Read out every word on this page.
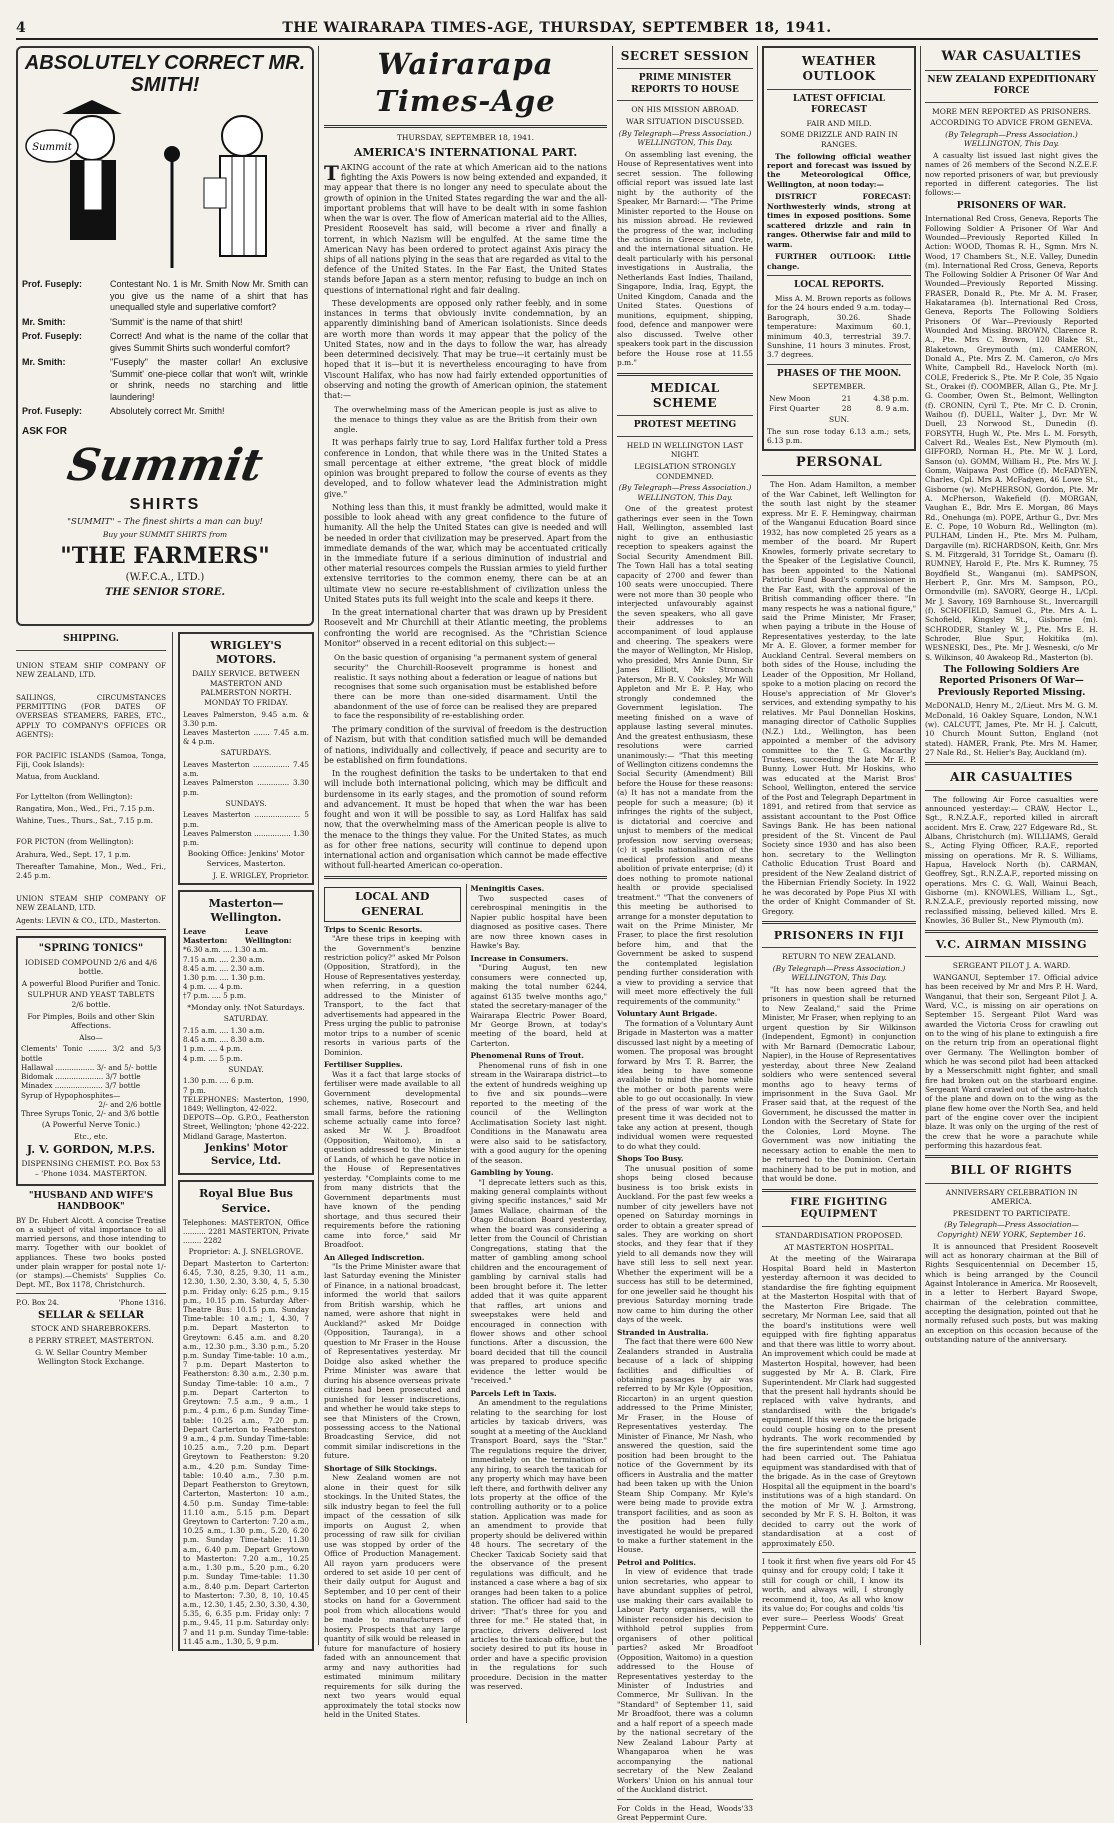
4	THE WAIRARAPA TIMES-AGE, THURSDAY, SEPTEMBER 18, 1941.
ABSOLUTELY CORRECT MR. SMITH!
Summit
Prof. Fuseply:	Contestant No. 1 is Mr. Smith Now Mr. Smith can you give us the name of a shirt that has unequalled style and superlative comfort?
Mr. Smith:	'Summit' is the name of that shirt!
Prof. Fuseply:	Correct! And what is the name of the collar that gives Summit Shirts such wonderful comfort?
Mr. Smith:	"Fuseply" the master collar! An exclusive 'Summit' one-piece collar that won't wilt, wrinkle or shrink, needs no starching and little laundering!
Prof. Fuseply:	Absolutely correct Mr. Smith!
ASK FOR
Summit
SHIRTS
"SUMMIT" – The finest shirts a man can buy!
Buy your SUMMIT SHIRTS from
"THE FARMERS"
(W.F.C.A., LTD.)
THE SENIOR STORE.
SHIPPING.
UNION STEAM SHIP COMPANY OF NEW ZEALAND, LTD.
SAILINGS, CIRCUMSTANCES PERMITTING (FOR DATES OF OVERSEAS STEAMERS, FARES, ETC., APPLY TO COMPANY'S OFFICES OR AGENTS):
FOR PACIFIC ISLANDS (Samoa, Tonga, Fiji, Cook Islands):
Matua, from Auckland.
For Lyttelton (from Wellington):
Rangatira, Mon., Wed., Fri., 7.15 p.m.
Wahine, Tues., Thurs., Sat., 7.15 p.m.
FOR PICTON (from Wellington):
Arahura, Wed., Sept. 17, 1 p.m.
Thereafter Tamahine, Mon., Wed., Fri., 2.45 p.m.
UNION STEAM SHIP COMPANY OF NEW ZEALAND, LTD.
Agents: LEVIN & CO., LTD., Masterton.
"SPRING TONICS"
IODISED COMPOUND 2/6 and 4/6 bottle.
A powerful Blood Purifier and Tonic.
SULPHUR AND YEAST TABLETS 2/6 bottle.
For Pimples, Boils and other Skin Affections.
Also—
Clements' Tonic ........ 3/2 and 5/3 bottle
Hallawal ................. 3/- and 5/- bottle
Bidomak ..................... 3/7 bottle
Minadex ..................... 3/7 bottle
Syrup of Hypophosphites—
2/- and 2/6 bottle
Three Syrups Tonic, 2/- and 3/6 bottle
(A Powerful Nerve Tonic.)
Etc., etc.
J. V. GORDON, M.P.S.
DISPENSING CHEMIST. P.O. Box 53 – 'Phone 1034. MASTERTON.
"HUSBAND AND WIFE'S HANDBOOK"
BY Dr. Hubert Alcott. A concise Treatise on a subject of vital importance to all married persons, and those intending to marry. Together with our booklet of appliances. These two books posted under plain wrapper for postal note 1/- (or stamps).—Chemists' Supplies Co. Dept. MT., Box 1178, Christchurch.
P.O. Box 24.	'Phone 1316.
SELLAR & SELLAR
STOCK AND SHAREBROKERS.
8 PERRY STREET, MASTERTON.
G. W. Sellar Country Member Wellington Stock Exchange.
WRIGLEY'S MOTORS.
DAILY SERVICE. BETWEEN MASTERTON AND PALMERSTON NORTH. MONDAY TO FRIDAY.
Leaves Palmerston, 9.45 a.m. & 3.30 p.m.
Leaves Masterton ....... 7.45 a.m. & 4 p.m.
SATURDAYS.
Leaves Masterton ................ 7.45 a.m.
Leaves Palmerston .............. 3.30 p.m.
SUNDAYS.
Leaves Masterton .................... 5 p.m.
Leaves Palmerston ................ 1.30 p.m.
Booking Office: Jenkins' Motor Services, Masterton.
J. E. WRIGLEY, Proprietor.
Masterton—Wellington.
Leave Masterton:
Leave Wellington:
*6.30 a.m. .... 1.30 a.m.
7.15 a.m. .... 2.30 a.m.
8.45 a.m. .... 2.30 a.m.
1.30 p.m. .... 1.30 p.m.
4 p.m. .... 4 p.m.
†7 p.m. .... 5 p.m.
*Monday only. †Not Saturdays.
SATURDAY.
7.15 a.m. .... 1.30 a.m.
8.45 a.m. .... 8.30 a.m.
1 p.m. .... 4 p.m.
4 p.m. .... 5 p.m.
SUNDAY.
1.30 p.m. .... 6 p.m.
7 p.m.
TELEPHONES: Masterton, 1990, 1849; Wellington, 42-022.
DEPOTS—Op. G.P.O., Featherston Street, Wellington; 'phone 42-222. Midland Garage, Masterton.
Jenkins' Motor Service, Ltd.
Royal Blue Bus Service.
Telephones: MASTERTON, Office .......... 2281 MASTERTON, Private ........ 2282
Proprietor: A. J. SNELGROVE.
Depart Masterton to Carterton: 6.45, 7.30, 8.25, 9.30, 11 a.m., 12.30, 1.30, 2.30, 3.30, 4, 5, 5.30 p.m. Friday only: 6.25 p.m., 9.15 p.m., 10.15 p.m. Saturday After-Theatre Bus: 10.15 p.m. Sunday Time-table: 10 a.m.; 1, 4.30, 7 p.m. Depart Masterton to Greytown: 6.45 a.m. and 8.20 a.m., 12.30 p.m., 3.30 p.m., 5.20 p.m. Sunday Time-table: 10 a.m., 7 p.m. Depart Masterton to Featherston: 8.30 a.m., 2.30 p.m. Sunday Time-table: 10 a.m., 7 p.m. Depart Carterton to Greytown: 7.5 a.m., 9 a.m., 1 p.m., 4 p.m., 6 p.m. Sunday Time-table: 10.25 a.m., 7.20 p.m. Depart Carterton to Featherston: 9 a.m., 4 p.m. Sunday Time-table: 10.25 a.m., 7.20 p.m. Depart Greytown to Featherston: 9.20 a.m., 4.20 p.m. Sunday Time-table: 10.40 a.m., 7.30 p.m. Depart Featherston to Greytown, Carterton, Masterton: 10 a.m., 4.50 p.m. Sunday Time-table: 11.10 a.m., 5.15 p.m. Depart Greytown to Carterton: 7.20 a.m., 10.25 a.m., 1.30 p.m., 5.20, 6.20 p.m. Sunday Time-table: 11.30 a.m., 6.40 p.m. Depart Greytown to Masterton: 7.20 a.m., 10.25 a.m., 1.30 p.m., 5.20 p.m., 6.20 p.m. Sunday Time-table: 11.30 a.m., 8.40 p.m. Depart Carterton to Masterton: 7.30, 8, 10, 10.45 a.m., 12.30, 1.45, 2.30, 3.30, 4.30, 5.35, 6, 6.35 p.m. Friday only: 7 p.m., 9.45, 11 p.m. Saturday only: 7 and 11 p.m. Sunday Time-table: 11.45 a.m., 1.30, 5, 9 p.m.
Wairarapa Times-Age
THURSDAY, SEPTEMBER 18, 1941.
AMERICA'S INTERNATIONAL PART.
TAKING account of the rate at which American aid to the nations fighting the Axis Powers is now being extended and expanded, it may appear that there is no longer any need to speculate about the growth of opinion in the United States regarding the war and the all-important problems that will have to be dealt with in some fashion when the war is over. The flow of American material aid to the Allies, President Roosevelt has said, will become a river and finally a torrent, in which Nazism will be engulfed. At the same time the American Navy has been ordered to protect against Axis piracy the ships of all nations plying in the seas that are regarded as vital to the defence of the United States. In the Far East, the United States stands before Japan as a stern mentor, refusing to budge an inch on questions of international right and fair dealing.
These developments are opposed only rather feebly, and in some instances in terms that obviously invite condemnation, by an apparently diminishing band of American isolationists. Since deeds are worth more than words it may appear that the policy of the United States, now and in the days to follow the war, has already been determined decisively. That may be true—it certainly must be hoped that it is—but it is nevertheless encouraging to have from Viscount Halifax, who has now had fairly extended opportunities of observing and noting the growth of American opinion, the statement that:—
The overwhelming mass of the American people is just as alive to the menace to things they value as are the British from their own angle.
It was perhaps fairly true to say, Lord Halifax further told a Press conference in London, that while there was in the United States a small percentage at either extreme, "the great block of middle opinion was brought prepared to follow the course of events as they developed, and to follow whatever lead the Administration might give."
Nothing less than this, it must frankly be admitted, would make it possible to look ahead with any great confidence to the future of humanity. All the help the United States can give is needed and will be needed in order that civilization may be preserved. Apart from the immediate demands of the war, which may be accentuated critically in the immediate future if a serious diminution of industrial and other material resources compels the Russian armies to yield further extensive territories to the common enemy, there can be at an ultimate view no secure re-establishment of civilization unless the United States puts its full weight into the scale and keeps it there.
In the great international charter that was drawn up by President Roosevelt and Mr Churchill at their Atlantic meeting, the problems confronting the world are recognised. As the "Christian Science Monitor" observed in a recent editorial on this subject:—
On the basic question of organising "a permanent system of general security" the Churchill-Roosevelt programme is honest and realistic. It says nothing about a federation or league of nations but recognises that some such organisation must be established before there can be more than one-sided disarmament. Until the abandonment of the use of force can be realised they are prepared to face the responsibility of re-establishing order.
The primary condition of the survival of freedom is the destruction of Nazism, but with that condition satisfied much will be demanded of nations, individually and collectively, if peace and security are to be established on firm foundations.
In the roughest definition the tasks to be undertaken to that end will include both international policing, which may be difficult and burdensome in its early stages, and the promotion of sound reform and advancement. It must be hoped that when the war has been fought and won it will be possible to say, as Lord Halifax has said now, that the overwhelming mass of the American people is alive to the menace to the things they value. For the United States, as much as for other free nations, security will continue to depend upon international action and organisation which cannot be made effective without full-hearted American co-operation.
LOCAL AND GENERAL
Trips to Scenic Resorts.
"Are these trips in keeping with the Government's benzine restriction policy?" asked Mr Polson (Opposition, Stratford), in the House of Representatives yesterday, when referring, in a question addressed to the Minister of Transport, to the fact that advertisements had appeared in the Press urging the public to patronise motor trips to a number of scenic resorts in various parts of the Dominion.
Fertiliser Supplies.
Was it a fact that large stocks of fertiliser were made available to all Government developmental schemes, native, Rosecourt and small farms, before the rationing scheme actually came into force? asked Mr W. J. Broadfoot (Opposition, Waitomo), in a question addressed to the Minister of Lands, of which he gave notice in the House of Representatives yesterday. "Complaints come to me from many districts that the Government departments must have known of the pending shortage, and thus secured their requirements before the rationing came into force," said Mr Broadfoot.
An Alleged Indiscretion.
"Is the Prime Minister aware that last Saturday evening the Minister of Finance, in a national broadcast, informed the world that sailors from British warship, which he named, were ashore that night in Auckland?" asked Mr Doidge (Opposition, Tauranga), in a question to Mr Fraser in the House of Representatives yesterday. Mr Doidge also asked whether the Prime Minister was aware that during his absence overseas private citizens had been prosecuted and punished for lesser indiscretions, and whether he would take steps to see that Ministers of the Crown, possessing access to the National Broadcasting Service, did not commit similar indiscretions in the future.
Shortage of Silk Stockings.
New Zealand women are not alone in their quest for silk stockings. In the United States, the silk industry began to feel the full impact of the cessation of silk imports on August 2, when processing of raw silk for civilian use was stopped by order of the Office of Production Management. All rayon yarn producers were ordered to set aside 10 per cent of their daily output for August and September, and 10 per cent of their stocks on hand for a Government pool from which allocations would be made to manufacturers of hosiery. Prospects that any large quantity of silk would be released in future for manufacture of hosiery faded with an announcement that army and navy authorities had estimated minimum military requirements for silk during the next two years would equal approximately the total stocks now held in the United States.
Meningitis Cases.
Two suspected cases of cerebrospinal meningitis in the Napier public hospital have been diagnosed as positive cases. There are now three known cases in Hawke's Bay.
Increase in Consumers.
"During August, ten new consumers were connected up, making the total number 6244, against 6135 twelve months ago," stated the secretary-manager of the Wairarapa Electric Power Board, Mr George Brown, at today's meeting of the board, held at Carterton.
Phenomenal Runs of Trout.
Phenomenal runs of fish in one stream in the Wairarapa district—to the extent of hundreds weighing up to five and six pounds—were reported to the meeting of the council of the Wellington Acclimatisation Society last night. Conditions in the Manawatu area were also said to be satisfactory, with a good augury for the opening of the season.
Gambling by Young.
"I deprecate letters such as this, making general complaints without giving specific instances," said Mr James Wallace, chairman of the Otago Education Board yesterday, when the board was considering a letter from the Council of Christian Congregations, stating that the matter of gambling among school children and the encouragement of gambling by carnival stalls had been brought before it. The letter added that it was quite apparent that raffles, art unions and sweepstakes were held and encouraged in connection with flower shows and other school functions. After a discussion, the board decided that till the council was prepared to produce specific evidence the letter would be "received."
Parcels Left in Taxis.
An amendment to the regulations relating to the searching for lost articles by taxicab drivers, was sought at a meeting of the Auckland Transport Board, says the "Star." The regulations require the driver, immediately on the termination of any hiring, to search the taxicab for any property which may have been left there, and forthwith deliver any lots property at the office of the controlling authority or to a police station. Application was made for an amendment to provide that property should be delivered within 48 hours. The secretary of the Checker Taxicab Society said that the observance of the present regulations was difficult, and he instanced a case where a bag of six oranges had been taken to a police station. The officer had said to the driver: "That's three for you and three for me." He stated that, in practice, drivers delivered lost articles to the taxicab office, but the society desired to put its house in order and have a specific provision in the regulations for such procedure. Decision in the matter was reserved.
SECRET SESSION
PRIME MINISTER REPORTS TO HOUSE
ON HIS MISSION ABROAD.
WAR SITUATION DISCUSSED.
(By Telegraph—Press Association.) WELLINGTON, This Day.
On assembling last evening, the House of Representatives went into secret session. The following official report was issued late last night by the authority of the Speaker, Mr Barnard:— "The Prime Minister reported to the House on his mission abroad. He reviewed the progress of the war, including the actions in Greece and Crete, and the international situation. He dealt particularly with his personal investigations in Australia, the Netherlands East Indies, Thailand, Singapore, India, Iraq, Egypt, the United Kingdom, Canada and the United States. Questions of munitions, equipment, shipping, food, defence and manpower were also discussed. Twelve other speakers took part in the discussion before the House rose at 11.55 p.m."
MEDICAL SCHEME
PROTEST MEETING
HELD IN WELLINGTON LAST NIGHT.
LEGISLATION STRONGLY CONDEMNED.
(By Telegraph—Press Association.) WELLINGTON, This Day.
One of the greatest protest gatherings ever seen in the Town Hall, Wellington, assembled last night to give an enthusiastic reception to speakers against the Social Security Amendment Bill. The Town Hall has a total seating capacity of 2700 and fewer than 100 seats were unoccupied. There were not more than 30 people who interjected unfavourably against the seven speakers, who all gave their addresses to an accompaniment of loud applause and cheering. The speakers were the mayor of Wellington, Mr Hislop, who presided, Mrs Annie Dunn, Sir James Elliott, Mr Stronach Paterson, Mr B. V. Cooksley, Mr Will Appleton and Mr E. P. Hay, who strongly condemned the Government legislation. The meeting finished on a wave of applause lasting several minutes. And the greatest enthusiasm, these resolutions were carried unanimously:— "That this meeting of Wellington citizens condemns the Social Security (Amendment) Bill before the House for these reasons: (a) It has not a mandate from the people for such a measure; (b) it infringes the rights of the subject, is dictatorial and coercive and unjust to members of the medical profession now serving overseas; (c) it spells nationalisation of the medical profession and means abolition of private enterprise; (d) it does nothing to promote national health or provide specialised treatment." "That the conveners of this meeting be authorised to arrange for a monster deputation to wait on the Prime Minister, Mr Fraser, to place the first resolution before him, and that the Government be asked to suspend the contemplated legislation pending further consideration with a view to providing a service that will meet more effectively the full requirements of the community."
Voluntary Aunt Brigade.
The formation of a Voluntary Aunt Brigade in Masterton was a matter discussed last night by a meeting of women. The proposal was brought forward by Mrs T. R. Barrer, the idea being to have someone available to mind the home while the mother or both parents were able to go out occasionally. In view of the press of war work at the present time it was decided not to take any action at present, though individual women were requested to do what they could.
Shops Too Busy.
The unusual position of some shops being closed because business is too brisk exists in Auckland. For the past few weeks a number of city jewellers have not opened on Saturday mornings in order to obtain a greater spread of sales. They are working on short stocks, and they fear that if they yield to all demands now they will have still less to sell next year. Whether the experiment will be a success has still to be determined, for one jeweller said he thought his previous Saturday morning trade now came to him during the other days of the week.
Stranded in Australia.
The fact that there were 600 New Zealanders stranded in Australia because of a lack of shipping facilities and difficulties of obtaining passages by air was referred to by Mr Kyle (Opposition, Riccarton) in an urgent question addressed to the Prime Minister, Mr Fraser, in the House of Representatives yesterday. The Minister of Finance, Mr Nash, who answered the question, said the position had been brought to the notice of the Government by its officers in Australia and the matter had been taken up with the Union Steam Ship Company. Mr Kyle's were being made to provide extra transport facilities, and as soon as the position had been fully investigated he would be prepared to make a further statement in the House.
Petrol and Politics.
In view of evidence that trade union secretaries, who appear to have abundant supplies of petrol, use making their cars available to Labour Party organisers, will the Minister reconsider his decision to withhold petrol supplies from organisers of other political parties? asked Mr Broadfoot (Opposition, Waitomo) in a question addressed to the House of Representatives yesterday to the Minister of Industries and Commerce, Mr Sullivan. In the "Standard" of September 11, said Mr Broadfoot, there was a column and a half report of a speech made by the national secretary of the New Zealand Labour Party at Whangaparoa when he was accompanying the national secretary of the New Zealand Workers' Union on his annual tour of the Auckland district.
For Colds in the Head, Woods' Great Peppermint Cure.
33
WEATHER OUTLOOK
LATEST OFFICIAL FORECAST
FAIR AND MILD.
SOME DRIZZLE AND RAIN IN RANGES.
The following official weather report and forecast was issued by the Meteorological Office, Wellington, at noon today:—
DISTRICT FORECAST: Northwesterly winds, strong at times in exposed positions. Some scattered drizzle and rain in ranges. Otherwise fair and mild to warm.
FURTHER OUTLOOK: Little change.
LOCAL REPORTS.
Miss A. M. Brown reports as follows for the 24 hours ended 9 a.m. today—Barograph, 30.26. Shade temperature: Maximum 60.1, minimum 40.3, terrestrial 39.7. Sunshine, 11 hours 3 minutes. Frost, 3.7 degrees.
PHASES OF THE MOON.
SEPTEMBER.
New Moon	21	4.38 p.m.
First Quarter	28	8. 9 a.m.
SUN.
The sun rose today 6.13 a.m.; sets, 6.13 p.m.
PERSONAL
The Hon. Adam Hamilton, a member of the War Cabinet, left Wellington for the south last night by the steamer express. Mr E. F. Hemingway, chairman of the Wanganui Education Board since 1932, has now completed 25 years as a member of the board. Mr Rupert Knowles, formerly private secretary to the Speaker of the Legislative Council, has been appointed to the National Patriotic Fund Board's commissioner in the Far East, with the approval of the British commanding officer there. "In many respects he was a national figure," said the Prime Minister, Mr Fraser, when paying a tribute in the House of Representatives yesterday, to the late Mr A. E. Glover, a former member for Auckland Central. Several members on both sides of the House, including the Leader of the Opposition, Mr Holland, spoke to a motion placing on record the House's appreciation of Mr Glover's services, and extending sympathy to his relatives. Mr Paul Donnellan Hoskins, managing director of Catholic Supplies (N.Z.) Ltd., Wellington, has been appointed a member of the advisory committee to the T. G. Macarthy Trustees, succeeding the late Mr E. P. Bunny, Lower Hutt. Mr Hoskins, who was educated at the Marist Bros' School, Wellington, entered the service of the Post and Telegraph Department in 1891, and retired from that service as assistant accountant to the Post Office Savings Bank. He has been national president of the St. Vincent de Paul Society since 1930 and has also been hon. secretary to the Wellington Catholic Education Trust Board and president of the New Zealand district of the Hibernian Friendly Society. In 1922 he was decorated by Pope Pius XI with the order of Knight Commander of St. Gregory.
PRISONERS IN FIJI
RETURN TO NEW ZEALAND.
(By Telegraph—Press Association.) WELLINGTON, This Day.
"It has now been agreed that the prisoners in question shall be returned to New Zealand," said the Prime Minister, Mr Fraser, when replying to an urgent question by Sir Wilkinson (Independent, Egmont) in conjunction with Mr Barnard (Democratic Labour, Napier), in the House of Representatives yesterday, about three New Zealand soldiers who were sentenced several months ago to heavy terms of imprisonment in the Suva Gaol. Mr Fraser said that, at the request of the Government, he discussed the matter in London with the Secretary of State for the Colonies, Lord Moyne. The Government was now initiating the necessary action to enable the men to be returned to the Dominion. Certain machinery had to be put in motion, and that would be done.
FIRE FIGHTING EQUIPMENT
STANDARDISATION PROPOSED.
AT MASTERTON HOSPITAL.
At the meeting of the Wairarapa Hospital Board held in Masterton yesterday afternoon it was decided to standardise the fire fighting equipment at the Masterton Hospital with that of the Masterton Fire Brigade. The secretary, Mr Norman Lee, said that all the board's institutions were well equipped with fire fighting apparatus and that there was little to worry about. An improvement which could be made at Masterton Hospital, however, had been suggested by Mr A. B. Clark, Fire Superintendent. Mr Clark had suggested that the present hall hydrants should be replaced with valve hydrants, and standardised with the brigade's equipment. If this were done the brigade could couple hosing on to the present hydrants. The work recommended by the fire superintendent some time ago had been carried out. The Pahiatua equipment was standardised with that of the brigade. As in the case of Greytown Hospital all the equipment in the board's institutions was of a high standard. On the motion of Mr W. J. Armstrong, seconded by Mr F. S. H. Bolton, it was decided to carry out the work of standardisation at a cost of approximately £50.
I took it first when five years old For quinsy and for croupy cold; I take it still for cough or chill, I know its worth, and always will, I strongly recommend it, too, As all who know its value do; For coughs and colds 'tis ever sure— Peerless Woods' Great Peppermint Cure.
45
WAR CASUALTIES
NEW ZEALAND EXPEDITIONARY FORCE
MORE MEN REPORTED AS PRISONERS.
ACCORDING TO ADVICE FROM GENEVA.
(By Telegraph—Press Association.) WELLINGTON, This Day.
A casualty list issued last night gives the names of 26 members of the Second N.Z.E.F. now reported prisoners of war, but previously reported in different categories. The list follows:—
PRISONERS OF WAR.
International Red Cross, Geneva, Reports The Following Soldier A Prisoner Of War And Wounded—Previously Reported Killed In Action: WOOD, Thomas R. H., Sgmn. Mrs N. Wood, 17 Chambers St., N.E. Valley, Dunedin (m). International Red Cross, Geneva, Reports The Following Soldier A Prisoner Of War And Wounded—Previously Reported Missing. FRASER, Donald R., Pte. Mr A. M. Fraser, Hakataramea (b). International Red Cross, Geneva, Reports The Following Soldiers Prisoners Of War—Previously Reported Wounded And Missing. BROWN, Clarence R. A., Pte. Mrs C. Brown, 120 Blake St., Blaketown, Greymouth (m). CAMERON, Donald A., Pte. Mrs Z. M. Cameron, c/o Mrs White, Campbell Rd., Havelock North (m). COLE, Frederick S., Pte. Mr P. Cole, 35 Ngaio St., Orakei (f). COOMBER, Allan G., Pte. Mr J. G. Coomber, Owen St., Belmont, Wellington (f). CRONIN, Cyril T., Pte. Mr C. D. Cronin, Waihou (f). DUELL, Walter J., Dvr. Mr W. Duell, 23 Norwood St., Dunedin (f). FORSYTH, Hugh W., Pte. Mrs L. M. Forsyth, Calvert Rd., Weales Est., New Plymouth (m). GIFFORD, Norman H., Pte. Mr W. J. Lord, Sanson (u). GOMM, William H., Pte. Mrs W. J. Gomm, Waipawa Post Office (f). McFADYEN, Charles, Cpl. Mrs A. McFadyen, 46 Lowe St., Gisborne (w). McPHERSON, Gordon, Pte. Mr A. McPherson, Wakefield (f). MORGAN, Vaughan E., Bdr. Mrs E. Morgan, 86 Mays Rd., Onehunga (m). POPE, Arthur G., Dvr. Mrs E. C. Pope, 10 Woburn Rd., Wellington (m). PULHAM, Linden H., Pte. Mrs M. Pulham, Dargaville (m). RICHARDSON, Keith, Gnr. Mrs S. M. Fitzgerald, 31 Torridge St., Oamaru (f). RUMNEY, Harold F., Pte. Mrs K. Rumney, 75 Boydfield St., Wanganui (m). SAMPSON, Herbert P., Gnr. Mrs M. Sampson, P.O., Ormondville (m). SAVORY, George H., L/Cpl. Mr J. Savory, 169 Barnhouse St., Invercargill (f). SCHOFIELD, Samuel G., Pte. Mrs A. L. Schofield, Kingsley St., Gisborne (m). SCHRODER, Stanley W. J., Pte. Mrs E. H. Schroder, Blue Spur, Hokitika (m). WESNESKI, Des., Pte. Mr J. Wesneski, c/o Mr S. Wilkinson, 40 Awakeop Rd., Masterton (b).
The Following Soldiers Are Reported Prisoners Of War—Previously Reported Missing.
McDONALD, Henry M., 2/Lieut. Mrs M. G. M. McDonald, 16 Oakley Square, London, N.W.1 (w). CALCUTT, James, Pte. Mr H. J. Calcutt, 10 Church Mount Sutton, England (not stated). HAMER, Frank, Pte. Mrs M. Hamer, 27 Nale Rd., St. Helier's Bay, Auckland (m).
AIR CASUALTIES
The following Air Force casualties were announced yesterday:— CRAW, Hector L., Sgt., R.N.Z.A.F., reported killed in aircraft accident. Mrs E. Craw, 227 Edgeware Rd., St. Albans, Christchurch (m). WILLIAMS, Gerald S., Acting Flying Officer, R.A.F., reported missing on operations. Mr R. S. Williams, Hapua, Havelock North (b). CARMAN, Geoffrey, Sgt., R.N.Z.A.F., reported missing on operations. Mrs C. G. Wall, Wainui Beach, Gisborne (m). KNOWLES, William L., Sgt., R.N.Z.A.F., previously reported missing, now reclassified missing, believed killed. Mrs E. Knowles, 36 Buller St., New Plymouth (m).
V.C. AIRMAN MISSING
SERGEANT PILOT J. A. WARD.
WANGANUI, September 17. Official advice has been received by Mr and Mrs P. H. Ward, Wanganui, that their son, Sergeant Pilot J. A. Ward, V.C., is missing on air operations on September 15. Sergeant Pilot Ward was awarded the Victoria Cross for crawling out on to the wing of his plane to extinguish a fire on the return trip from an operational flight over Germany. The Wellington bomber of which he was second pilot had been attacked by a Messerschmitt night fighter, and small fire had broken out on the starboard engine. Sergeant Ward crawled out of the astro-hatch of the plane and down on to the wing as the plane flew home over the North Sea, and held part of the engine cover over the incipient blaze. It was only on the urging of the rest of the crew that he wore a parachute while performing this hazardous feat.
BILL OF RIGHTS
ANNIVERSARY CELEBRATION IN AMERICA.
PRESIDENT TO PARTICIPATE.
(By Telegraph—Press Association—Copyright) NEW YORK, September 16.
It is announced that President Roosevelt will act as honorary chairman at the Bill of Rights Sesquicentennial on December 15, which is being arranged by the Council Against Intolerance in America. Mr Roosevelt, in a letter to Herbert Bayard Swope, chairman of the celebration committee, accepting the designation, pointed out that he normally refused such posts, but was making an exception on this occasion because of the outstanding nature of the anniversary.
